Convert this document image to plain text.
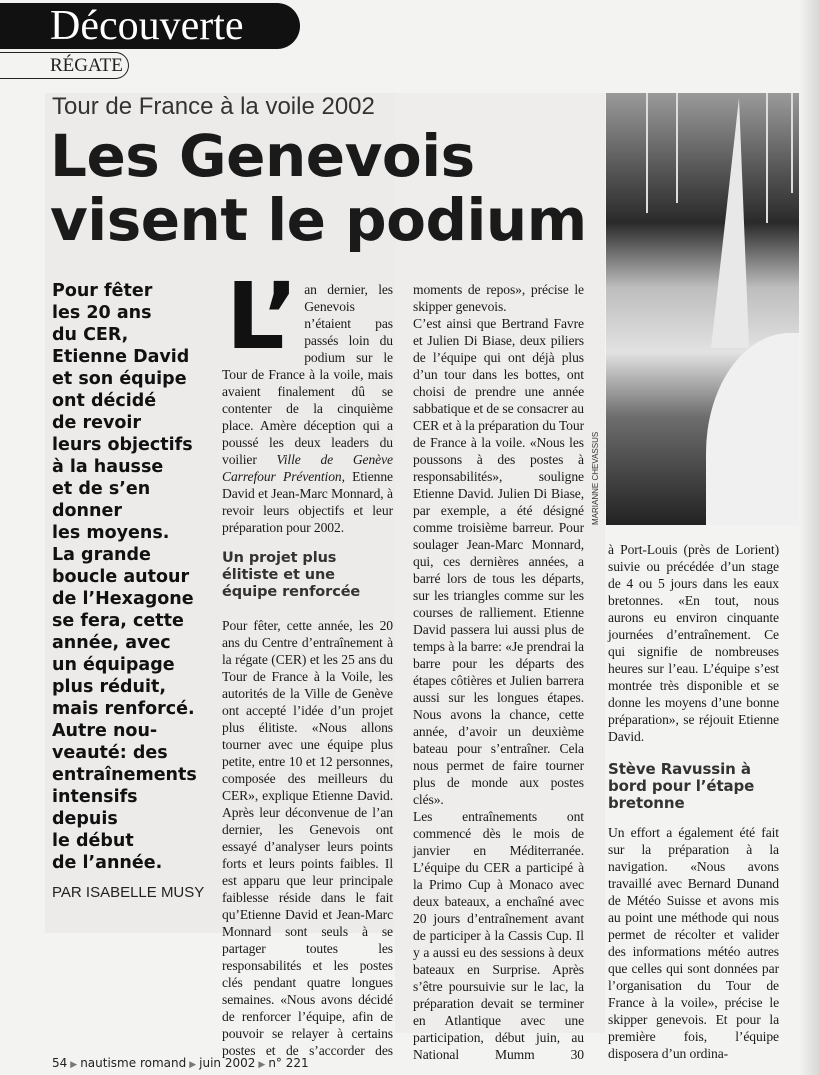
Découverte
RÉGATE
Tour de France à la voile 2002
Les Genevois
visent le podium
Pour fêter
les 20 ans
du CER,
Etienne David
et son équipe
ont décidé
de revoir
leurs objectifs
à la hausse
et de s’en
donner
les moyens.
La grande
boucle autour
de l’Hexagone
se fera, cette
année, avec
un équipage
plus réduit,
mais renforcé.
Autre nou-
veauté: des
entraînements
intensifs
depuis
le début
de l’année.
PAR ISABELLE MUSY

L’ an dernier, les Genevois n’étaient pas passés loin du podium sur le Tour de France à la voile, mais avaient finalement dû se contenter de la cinquième place. Amère déception qui a poussé les deux leaders du voilier Ville de Genève Carrefour Prévention, Etienne David et Jean-Marc Monnard, à revoir leurs objectifs et leur préparation pour 2002.

Un projet plus élitiste et une équipe renforcée

Pour fêter, cette année, les 20 ans du Centre d’entraînement à la régate (CER) et les 25 ans du Tour de France à la Voile, les autorités de la Ville de Genève ont accepté l’idée d’un projet plus élitiste. «Nous allons tourner avec une équipe plus petite, entre 10 et 12 personnes, composée des meilleurs du CER», explique Etienne David. Après leur déconvenue de l’an dernier, les Genevois ont essayé d’analyser leurs points forts et leurs points faibles. Il est apparu que leur principale faiblesse réside dans le fait qu’Etienne David et Jean-Marc Monnard sont seuls à se partager toutes les responsabilités et les postes clés pendant quatre longues semaines. «Nous avons décidé de renforcer l’équipe, afin de pouvoir se relayer à certains postes et de s’accorder des

moments de repos», précise le skipper genevois.

C’est ainsi que Bertrand Favre et Julien Di Biase, deux piliers de l’équipe qui ont déjà plus d’un tour dans les bottes, ont choisi de prendre une année sabbatique et de se consacrer au CER et à la préparation du Tour de France à la voile. «Nous les poussons à des postes à responsabilités», souligne Etienne David. Julien Di Biase, par exemple, a été désigné comme troisième barreur. Pour soulager Jean-Marc Monnard, qui, ces dernières années, a barré lors de tous les départs, sur les triangles comme sur les courses de ralliement. Etienne David passera lui aussi plus de temps à la barre: «Je prendrai la barre pour les départs des étapes côtières et Julien barrera aussi sur les longues étapes. Nous avons la chance, cette année, d’avoir un deuxième bateau pour s’entraîner. Cela nous permet de faire tourner plus de monde aux postes clés».

Les entraînements ont commencé dès le mois de janvier en Méditerranée. L’équipe du CER a participé à la Primo Cup à Monaco avec deux bateaux, a enchaîné avec 20 jours d’entraînement avant de participer à la Cassis Cup. Il y a aussi eu des sessions à deux bateaux en Surprise. Après s’être poursuivie sur le lac, la préparation devait se terminer en Atlantique avec une participation, début juin, au National Mumm 30

MARIANNE CHEVASSUS

à Port-Louis (près de Lorient) suivie ou précédée d’un stage de 4 ou 5 jours dans les eaux bretonnes. «En tout, nous aurons eu environ cinquante journées d’entraînement. Ce qui signifie de nombreuses heures sur l’eau. L’équipe s’est montrée très disponible et se donne les moyens d’une bonne préparation», se réjouit Etienne David.

Stève Ravussin à bord pour l’étape bretonne

Un effort a également été fait sur la préparation à la navigation. «Nous avons travaillé avec Bernard Dunand de Météo Suisse et avons mis au point une méthode qui nous permet de récolter et valider des informations météo autres que celles qui sont données par l’organisation du Tour de France à la voile», précise le skipper genevois. Et pour la première fois, l’équipe disposera d’un ordina-

54 ▶ nautisme romand ▶ juin 2002 ▶ n° 221
